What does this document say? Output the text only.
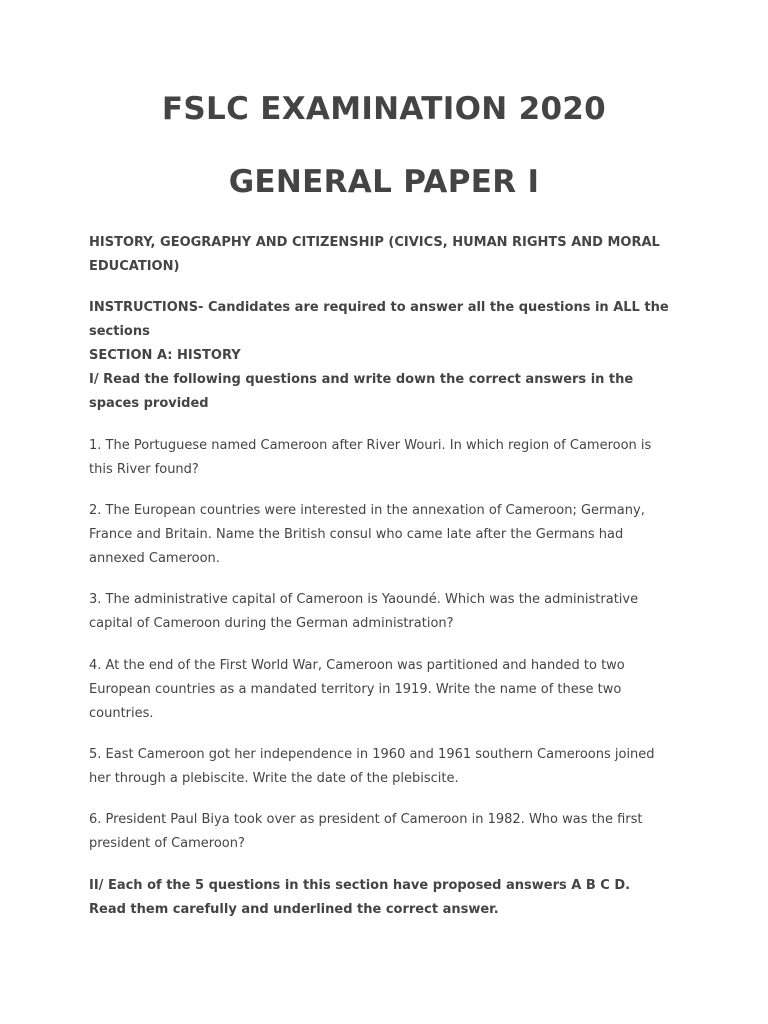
FSLC EXAMINATION 2020
GENERAL PAPER I

HISTORY, GEOGRAPHY AND CITIZENSHIP (CIVICS, HUMAN RIGHTS AND MORAL
EDUCATION)

INSTRUCTIONS- Candidates are required to answer all the questions in ALL the
sections
SECTION A: HISTORY
I/ Read the following questions and write down the correct answers in the
spaces provided

1. The Portuguese named Cameroon after River Wouri. In which region of Cameroon is
this River found?

2. The European countries were interested in the annexation of Cameroon; Germany,
France and Britain. Name the British consul who came late after the Germans had
annexed Cameroon.

3. The administrative capital of Cameroon is Yaoundé. Which was the administrative
capital of Cameroon during the German administration?

4. At the end of the First World War, Cameroon was partitioned and handed to two
European countries as a mandated territory in 1919. Write the name of these two
countries.

5. East Cameroon got her independence in 1960 and 1961 southern Cameroons joined
her through a plebiscite. Write the date of the plebiscite.

6. President Paul Biya took over as president of Cameroon in 1982. Who was the first
president of Cameroon?

II/ Each of the 5 questions in this section have proposed answers A B C D.
Read them carefully and underlined the correct answer.
